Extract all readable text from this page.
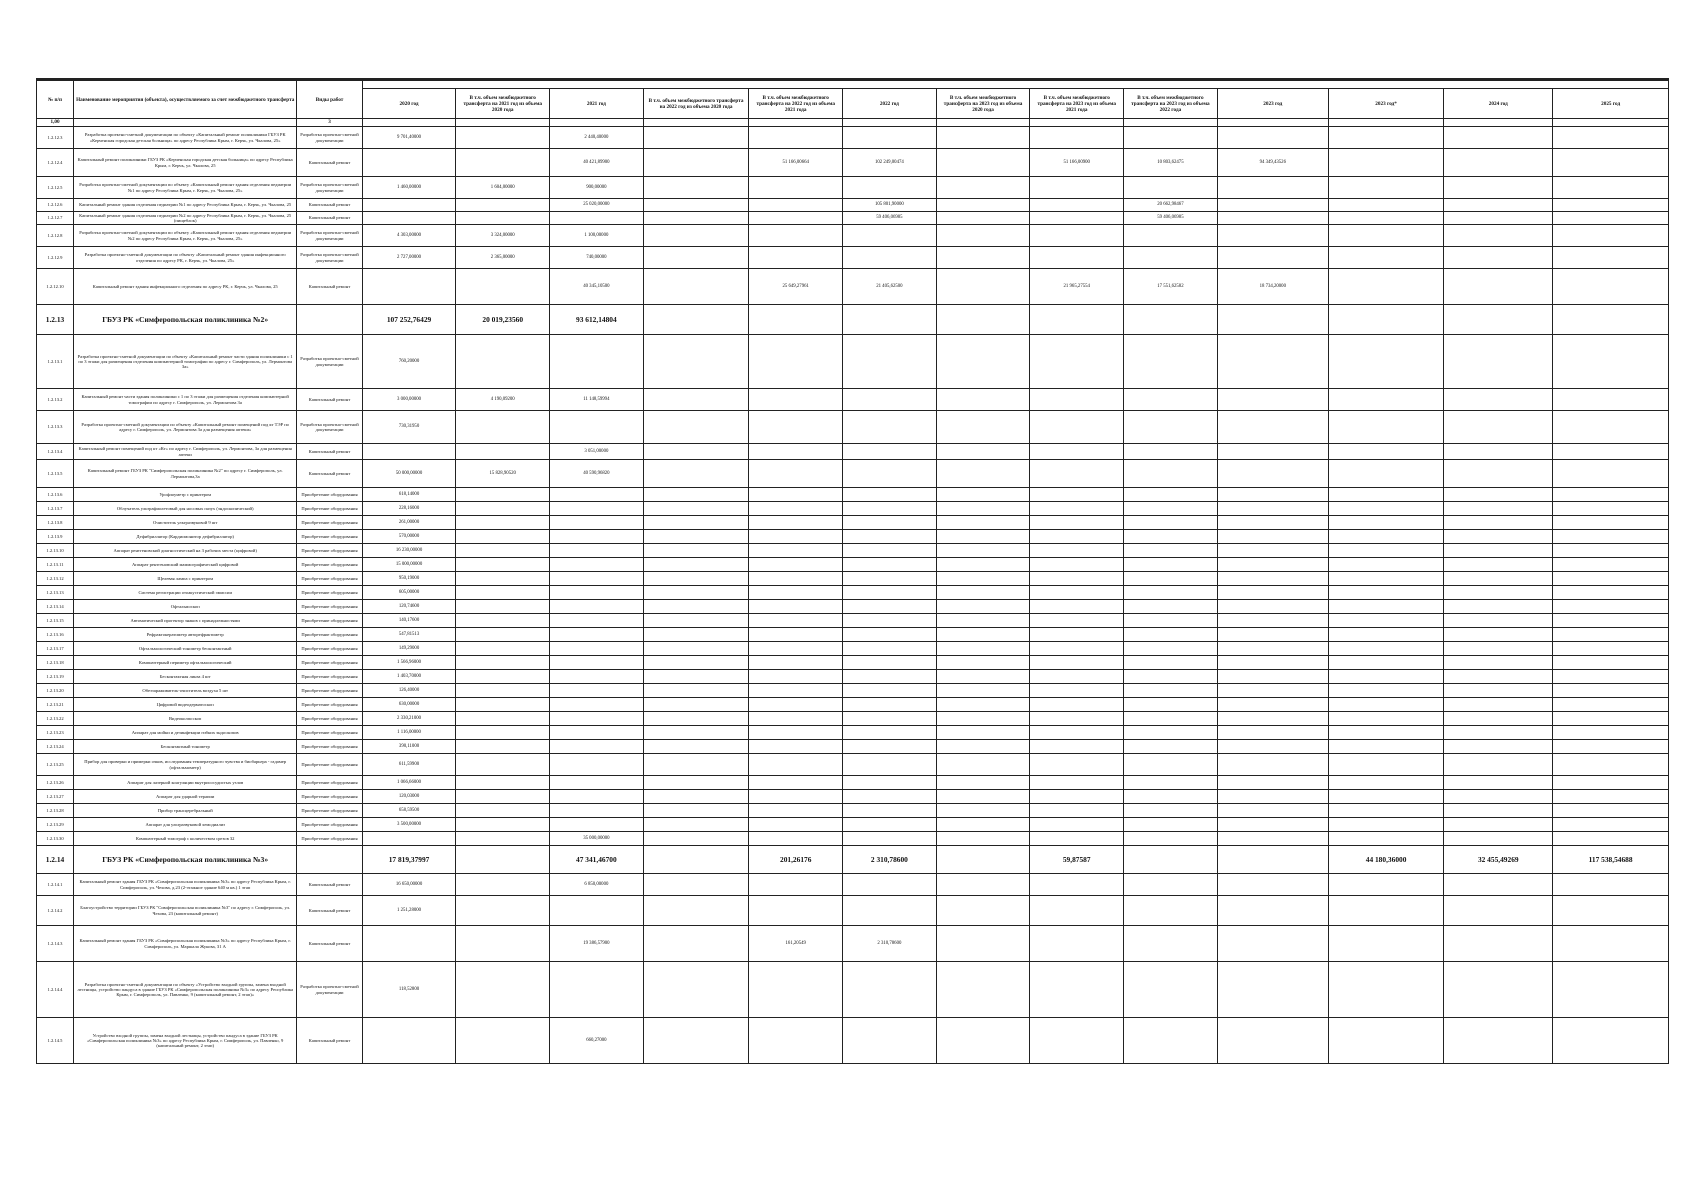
№ п/п	Наименование мероприятия (объекта), осуществляемого за счет межбюджетного трансферта	Виды работ													
			2020 год	В т.ч. объем межбюджетного трансферта на 2021 год из объема 2020 года	2021 год	В т.ч. объем межбюджетного трансферта на 2022 год из объема 2020 года	В т.ч. объем межбюджетного трансферта на 2022 год из объема 2021 года	2022 год	В т.ч. объем межбюджетного трансферта на 2023 год из объема 2020 года	В т.ч. объем межбюджетного трансферта на 2023 год из объема 2021 года	В т.ч. объем межбюджетного трансферта на 2023 год из объема 2022 года	2023 год	2023 год*	2024 год	2025 год
1,00		3													
1.2.12.3	Разработка проектно-сметной документации по объекту «Капитальный ремонт поликлиники ГБУЗ РК «Керченская городская детская больница» по адресу Республика Крым, г. Керчь, ул. Чкалова, 25»	Разработка проектно-сметной документации	9 701,40000		2 440,40000										
1.2.12.4	Капитальный ремонт поликлиники ГБУЗ РК «Керченская городская детская больница» по адресу Республика Крым, г. Керчь, ул. Чкалова, 25	Капитальный ремонт			40 421,89900		51 166,00664	102 249,00474		51 166,00900	10 803,62475	94 349,43526			
1.2.12.5	Разработка проектно-сметной документации по объекту «Капитальный ремонт здания отделения педиатрии №1 по адресу Республика Крым, г. Керчь, ул. Чкалова, 25»	Разработка проектно-сметной документации	1 460,00000	1 604,00000	900,00000										
1.2.12.6	Капитальный ремонт здания отделения педиатрии №1 по адресу Республика Крым, г. Керчь, ул. Чкалова, 25	Капитальный ремонт			25 020,00000			105 801,90000			20 662,98467				
1.2.12.7	Капитальный ремонт здания отделения педиатрии №2 по адресу Республика Крым, г. Керчь, ул. Чкалова, 25 (пищеблок)	Капитальный ремонт						59 406,06985			59 406,06985				
1.2.12.8	Разработка проектно-сметной документации по объекту «Капитальный ремонт здания отделения педиатрии №2 по адресу Республика Крым, г. Керчь, ул. Чкалова, 25»	Разработка проектно-сметной документации	4 303,00000	3 324,00000	1 100,00000										
1.2.12.9	Разработка проектно-сметной документации по объекту «Капитальный ремонт здания инфекционного отделения по адресу РК, г. Керчь, ул. Чкалова, 25»	Разработка проектно-сметной документации	2 727,00000	2 365,00000	740,00000										
1.2.12.10	Капитальный ремонт здания инфекционного отделения по адресу РК, г. Керчь, ул. Чкалова, 25	Капитальный ремонт			40 345,10500		25 649,27961	21 405,62500		21 965,27554	17 551,62582	18 734,20000			
1.2.13	ГБУЗ РК «Симферопольская поликлиника №2»		107 252,76429	20 019,23560	93 612,14804										
1.2.13.1	Разработка проектно-сметной документации по объекту «Капитальный ремонт части здания поликлиники с 1 по 3 этажи для размещения отделения компьютерной томографии по адресу г. Симферополь, ул. Лермонтова 3а»	Разработка проектно-сметной документации	760,20000												
1.2.13.2	Капитальный ремонт части здания поликлиники с 1 по 3 этажи для размещения отделения компьютерной томографии по адресу г. Симферополь, ул. Лермонтова 3а	Капитальный ремонт	3 000,00000	4 190,09200	11 148,59994										
1.2.13.3	Разработка проектно-сметной документации по объекту «Капитальный ремонт помещений под кт ТЭР по адресу г. Симферополь, ул. Лермонтова 3а для размещения аптеки»	Разработка проектно-сметной документации	730,31950												
1.2.13.4	Капитальный ремонт помещений под кт «Кт» по адресу г. Симферополь, ул. Лермонтова, 3а для размещения аптеки	Капитальный ремонт			3 051,00000										
1.2.13.5	Капитальный ремонт ГБУЗ РК "Симферопольская поликлиника №2" по адресу г. Симферополь, ул. Лермонтова,3а	Капитальный ремонт	50 000,00000	15 828,90520	40 590,96820										
1.2.13.6	Урофлоуметр с принтером	Приобретение оборудования	618,14000												
1.2.13.7	Облучатель ультрафиолетовый для носовых пазух (эндоскопический)	Приобретение оборудования	228,16000												
1.2.13.8	Очиститель ультразвуковой 9 шт	Приобретение оборудования	261,00000												
1.2.13.9	Дефибриллятор (Кардиомонитор дефибриллятор)	Приобретение оборудования	570,00000												
1.2.13.10	Аппарат рентгеновский диагностический на 3 рабочих места (цифровой)	Приобретение оборудования	16 230,00000												
1.2.13.11	Аппарат рентгеновский маммографический цифровой	Приобретение оборудования	15 000,00000												
1.2.13.12	Щелевая лампа с принтером	Приобретение оборудования	950,19000												
1.2.13.13	Система регистрации отоакустической эмиссии	Приобретение оборудования	605,00000												
1.2.13.14	Офтальмоскоп	Приобретение оборудования	120,74600												
1.2.13.15	Автоматический прогектор знаков с принадлежностями	Приобретение оборудования	140,17600												
1.2.13.16	Рефрактокератометр авторефрактометр	Приобретение оборудования	547,81513												
1.2.13.17	Офтальмологический тонометр бесконтактный	Приобретение оборудования	149,29000												
1.2.13.18	Компьютерный периметр офтальмологический	Приобретение оборудования	1 566,96000												
1.2.13.19	Бесконтактная линза 4 шт	Приобретение оборудования	1 403,70000												
1.2.13.20	Обеззараживатель-очиститель воздуха 5 шт	Приобретение оборудования	126,40000												
1.2.13.21	Цифровой видеодерматоскоп	Приобретение оборудования	630,00000												
1.2.13.22	Видеоколпоскоп	Приобретение оборудования	2 330,21000												
1.2.13.23	Аппарат для мойки и дезинфекции гибких эндоскопов	Приобретение оборудования	1 116,00000												
1.2.13.24	Бесконтактный тонометр	Приобретение оборудования	390,11000												
1.2.13.25	Прибор для проверки и примерки очков, исследования температурного чувства и биобарьера - гадамер (офтальмометр)	Приобретение оборудования	611,59900												
1.2.13.26	Аппарат для лазерной коагуляции внутрисосудистых узлов	Приобретение оборудования	1 066,66000												
1.2.13.27	Аппарат для ударной терапии	Приобретение оборудования	120,03000												
1.2.13.28	Прибор трансцеребральный	Приобретение оборудования	658,59500												
1.2.13.29	Аппарат для ультразвуковой хемодиализ	Приобретение оборудования	3 500,00000												
1.2.13.30	Компьютерный томограф с количеством срезов 32	Приобретение оборудования			35 000,00000										
1.2.14	ГБУЗ РК «Симферопольская поликлиника №3»		17 819,37997		47 341,46700		201,26176	2 310,78600		59,87587			44 180,36000	32 455,49269	117 538,54688
1.2.14.1	Капитальный ремонт здания ГБУЗ РК «Симферопольская поликлиника №3» по адресу Республика Крым, г. Симферополь, ул. Чехова, д.23 (2-этажное здание 640 м кв.) 1 этап	Капитальный ремонт	16 650,00000		6 850,00000										
1.2.14.2	Благоустройство территории ГБУЗ РК "Симферопольская поликлиника №3" по адресу г. Симферополь, ул. Чехова, 23 (капитальный ремонт)	Капитальный ремонт	1 251,28000												
1.2.14.3	Капитальный ремонт здания ГБУЗ РК «Симферопольская поликлиника №3» по адресу Республика Крым, г. Симферополь, ул. Маршала Жукова, 31 А	Капитальный ремонт			19 386,57900		161,20549	2 310,78600							
1.2.14.4	Разработка проектно-сметной документации по объекту «Устройство входной группы, замена входной лестницы, устройство пандуса в здание ГБУЗ РК «Симферопольская поликлиника №3» по адресу Республика Крым, г. Симферополь, ул. Павленко, 9 (капитальный ремонт, 2 этап)»	Разработка проектно-сметной документации	118,52800												
1.2.14.5	Устройство входной группы, замена входной лестницы, устройство пандуса в здание ГБУЗ РК «Симферопольская поликлиника №3» по адресу Республика Крым, г. Симферополь, ул. Павленко, 9 (капитальный ремонт, 2 этап)	Капитальный ремонт			660,27000										
